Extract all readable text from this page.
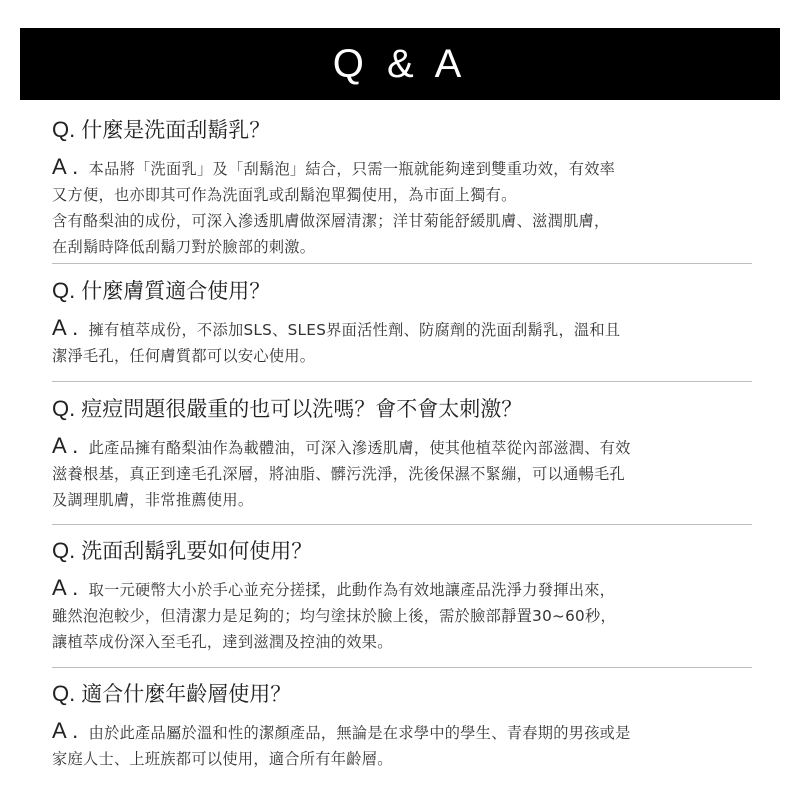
Q & A
Q. 什麼是洗面刮鬍乳？

A . 本品將「洗面乳」及「刮鬍泡」結合，只需一瓶就能夠達到雙重功效，有效率

又方便，也亦即其可作為洗面乳或刮鬍泡單獨使用，為市面上獨有。

含有酪梨油的成份，可深入滲透肌膚做深層清潔；洋甘菊能舒緩肌膚、滋潤肌膚，

在刮鬍時降低刮鬍刀對於臉部的刺激。

Q. 什麼膚質適合使用？

A . 擁有植萃成份，不添加SLS、SLES界面活性劑、防腐劑的洗面刮鬍乳，溫和且

潔淨毛孔，任何膚質都可以安心使用。

Q. 痘痘問題很嚴重的也可以洗嗎？會不會太刺激？

A . 此產品擁有酪梨油作為載體油，可深入滲透肌膚，使其他植萃從內部滋潤、有效

滋養根基，真正到達毛孔深層，將油脂、髒污洗淨，洗後保濕不緊繃，可以通暢毛孔

及調理肌膚，非常推薦使用。

Q. 洗面刮鬍乳要如何使用？

A . 取一元硬幣大小於手心並充分搓揉，此動作為有效地讓產品洗淨力發揮出來，

雖然泡泡較少，但清潔力是足夠的；均勻塗抹於臉上後，需於臉部靜置30~60秒，

讓植萃成份深入至毛孔，達到滋潤及控油的效果。

Q. 適合什麼年齡層使用？

A . 由於此產品屬於溫和性的潔顏產品，無論是在求學中的學生、青春期的男孩或是

家庭人士、上班族都可以使用，適合所有年齡層。
